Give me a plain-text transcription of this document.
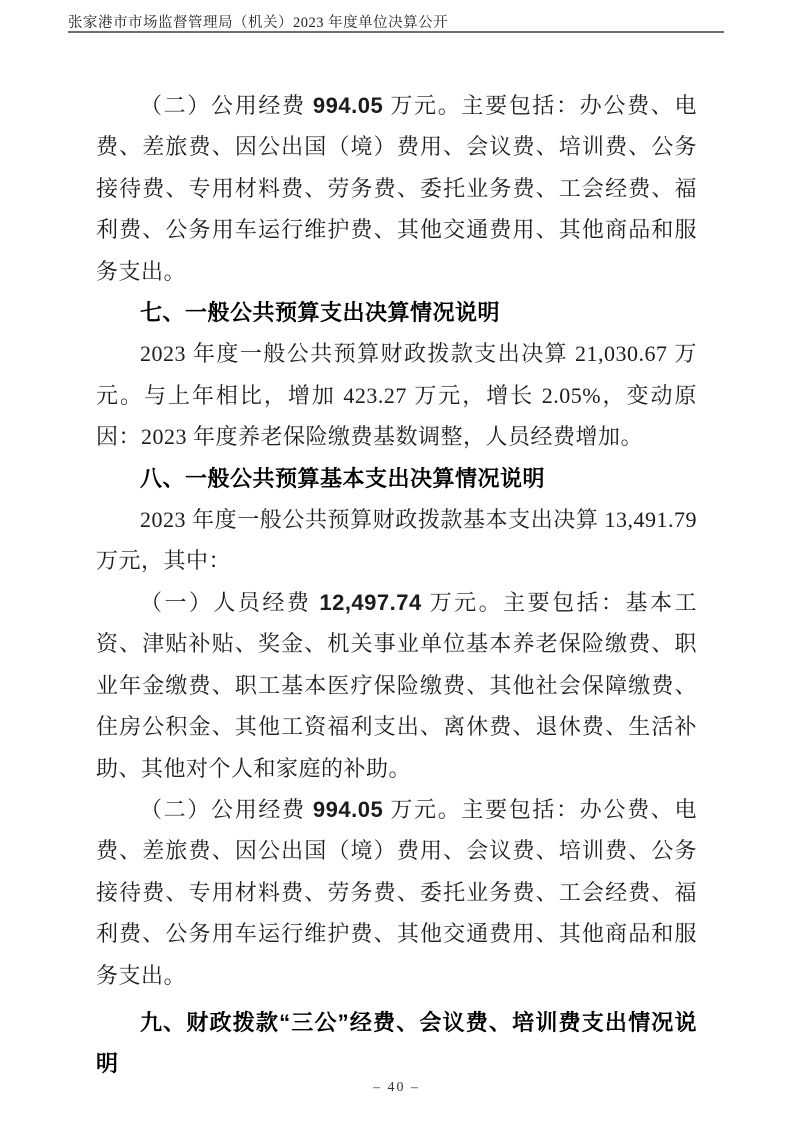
张家港市市场监督管理局（机关）2023 年度单位决算公开

（二）公用经费 994.05 万元。主要包括：办公费、电费、差旅费、因公出国（境）费用、会议费、培训费、公务接待费、专用材料费、劳务费、委托业务费、工会经费、福利费、公务用车运行维护费、其他交通费用、其他商品和服务支出。

七、一般公共预算支出决算情况说明

2023 年度一般公共预算财政拨款支出决算 21,030.67 万元。与上年相比，增加 423.27 万元，增长 2.05%，变动原因：2023 年度养老保险缴费基数调整，人员经费增加。

八、一般公共预算基本支出决算情况说明

2023 年度一般公共预算财政拨款基本支出决算 13,491.79 万元，其中：

（一）人员经费 12,497.74 万元。主要包括：基本工资、津贴补贴、奖金、机关事业单位基本养老保险缴费、职业年金缴费、职工基本医疗保险缴费、其他社会保障缴费、住房公积金、其他工资福利支出、离休费、退休费、生活补助、其他对个人和家庭的补助。

（二）公用经费 994.05 万元。主要包括：办公费、电费、差旅费、因公出国（境）费用、会议费、培训费、公务接待费、专用材料费、劳务费、委托业务费、工会经费、福利费、公务用车运行维护费、其他交通费用、其他商品和服务支出。

九、财政拨款“三公”经费、会议费、培训费支出情况说明

– 40 –
